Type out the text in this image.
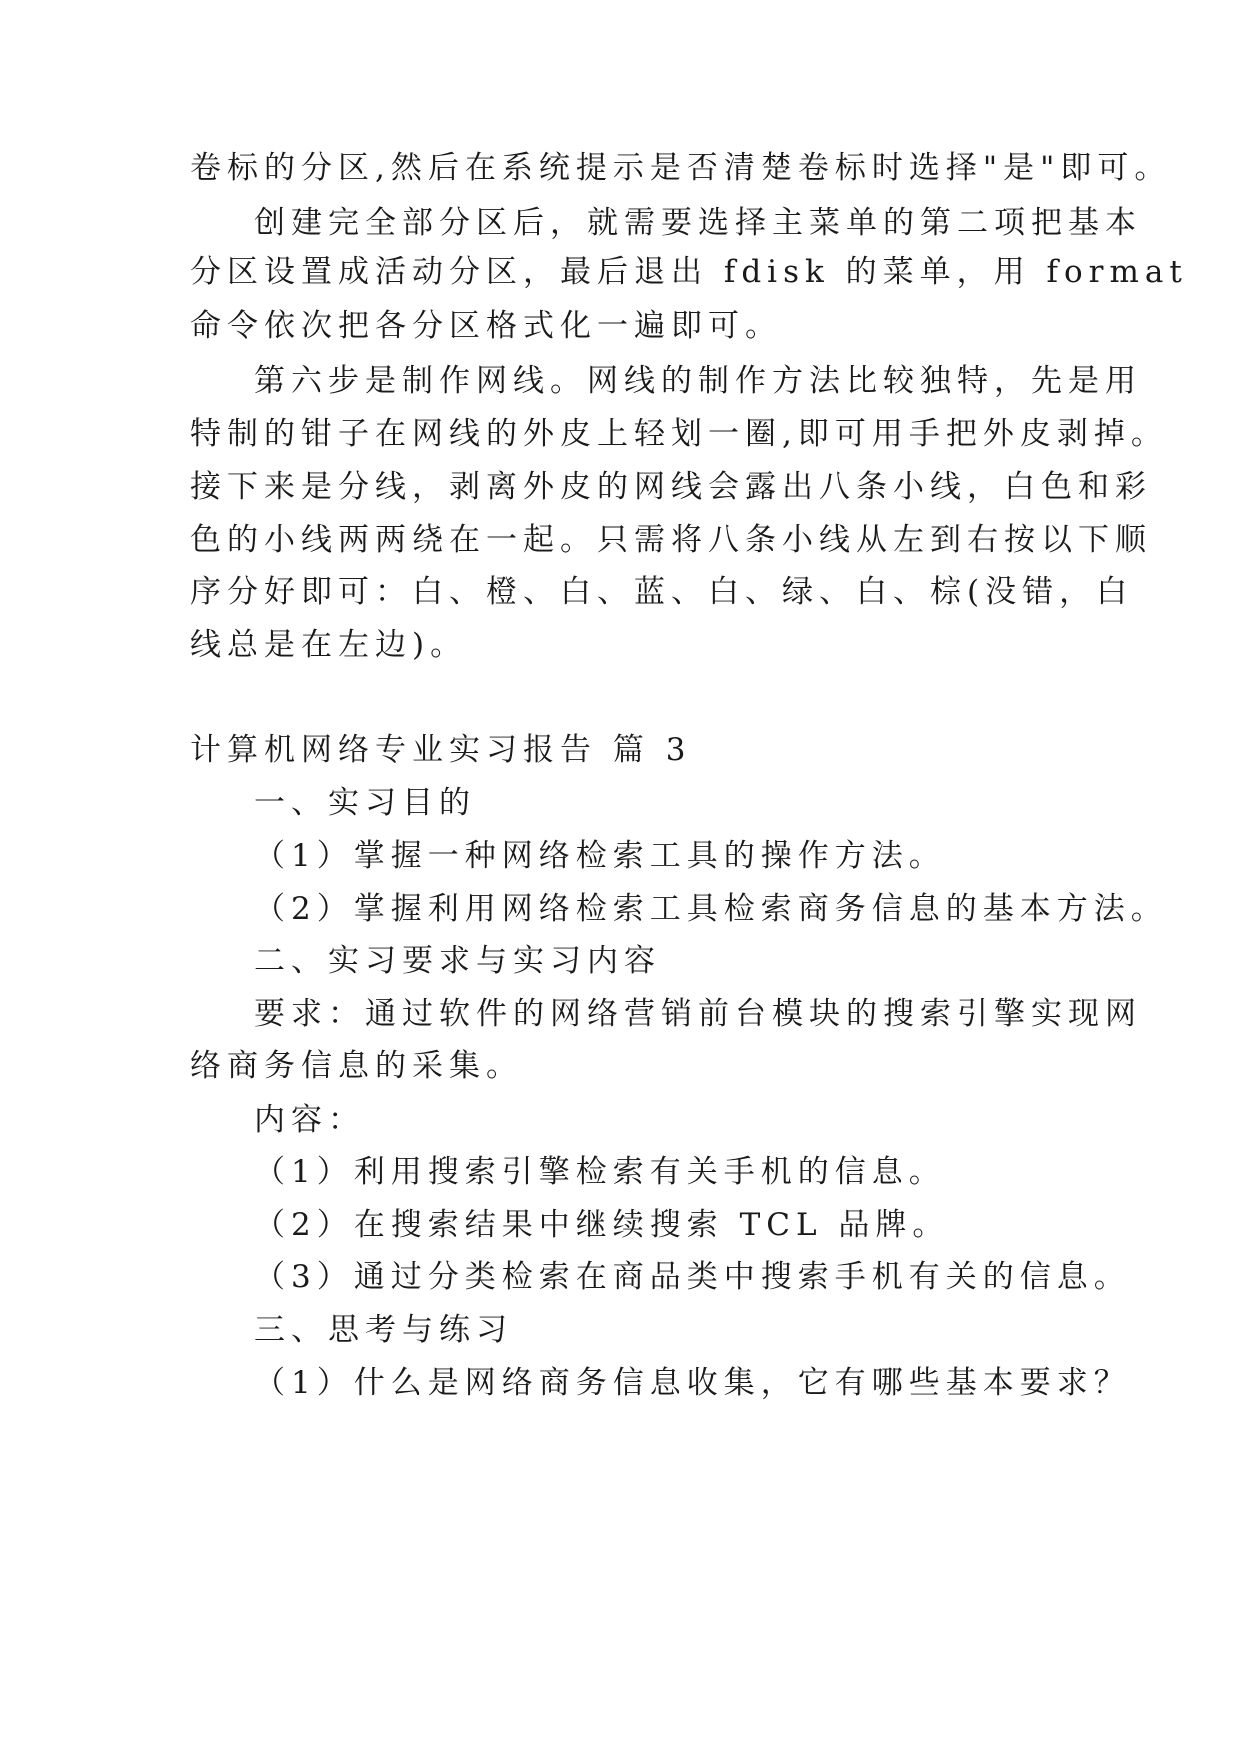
卷标的分区,然后在系统提示是否清楚卷标时选择"是"即可。
创建完全部分区后，就需要选择主菜单的第二项把基本
分区设置成活动分区，最后退出 fdisk 的菜单，用 format
命令依次把各分区格式化一遍即可。
第六步是制作网线。网线的制作方法比较独特，先是用
特制的钳子在网线的外皮上轻划一圈,即可用手把外皮剥掉。
接下来是分线，剥离外皮的网线会露出八条小线，白色和彩
色的小线两两绕在一起。只需将八条小线从左到右按以下顺
序分好即可：白、橙、白、蓝、白、绿、白、棕(没错，白
线总是在左边)。
计算机网络专业实习报告 篇 3
一、实习目的
（1）掌握一种网络检索工具的操作方法。
（2）掌握利用网络检索工具检索商务信息的基本方法。
二、实习要求与实习内容
要求：通过软件的网络营销前台模块的搜索引擎实现网
络商务信息的采集。
内容：
（1）利用搜索引擎检索有关手机的信息。
（2）在搜索结果中继续搜索 TCL 品牌。
（3）通过分类检索在商品类中搜索手机有关的信息。
三、思考与练习
（1）什么是网络商务信息收集，它有哪些基本要求？
